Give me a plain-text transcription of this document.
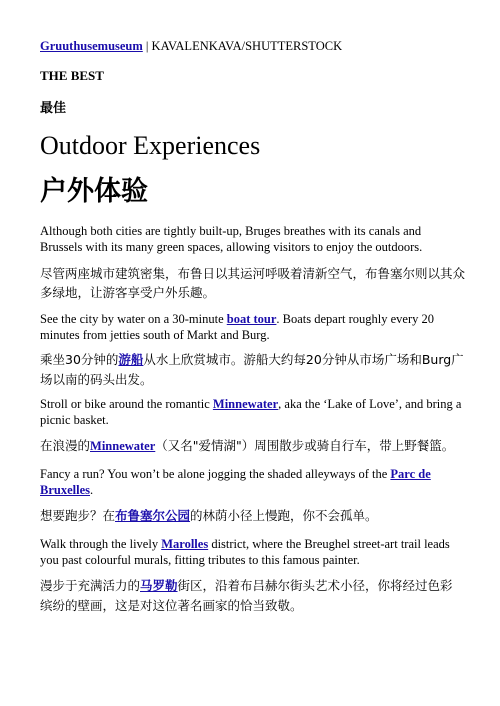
Gruuthusemuseum | KAVALENKAVA/SHUTTERSTOCK
THE BEST
最佳
Outdoor Experiences
户外体验
Although both cities are tightly built-up, Bruges breathes with its canals and Brussels with its many green spaces, allowing visitors to enjoy the outdoors.
尽管两座城市建筑密集，布鲁日以其运河呼吸着清新空气，布鲁塞尔则以其众多绿地，让游客享受户外乐趣。
See the city by water on a 30-minute boat tour. Boats depart roughly every 20 minutes from jetties south of Markt and Burg.
乘坐30分钟的游船从水上欣赏城市。游船大约每20分钟从市场广场和Burg广场以南的码头出发。
Stroll or bike around the romantic Minnewater, aka the ‘Lake of Love’, and bring a picnic basket.
在浪漫的Minnewater（又名"爱情湖"）周围散步或骑自行车，带上野餐篮。
Fancy a run? You won’t be alone jogging the shaded alleyways of the Parc de Bruxelles.
想要跑步？在布鲁塞尔公园的林荫小径上慢跑，你不会孤单。
Walk through the lively Marolles district, where the Breughel street-art trail leads you past colourful murals, fitting tributes to this famous painter.
漫步于充满活力的马罗勒街区，沿着布吕赫尔街头艺术小径，你将经过色彩缤纷的壁画，这是对这位著名画家的恰当致敬。
